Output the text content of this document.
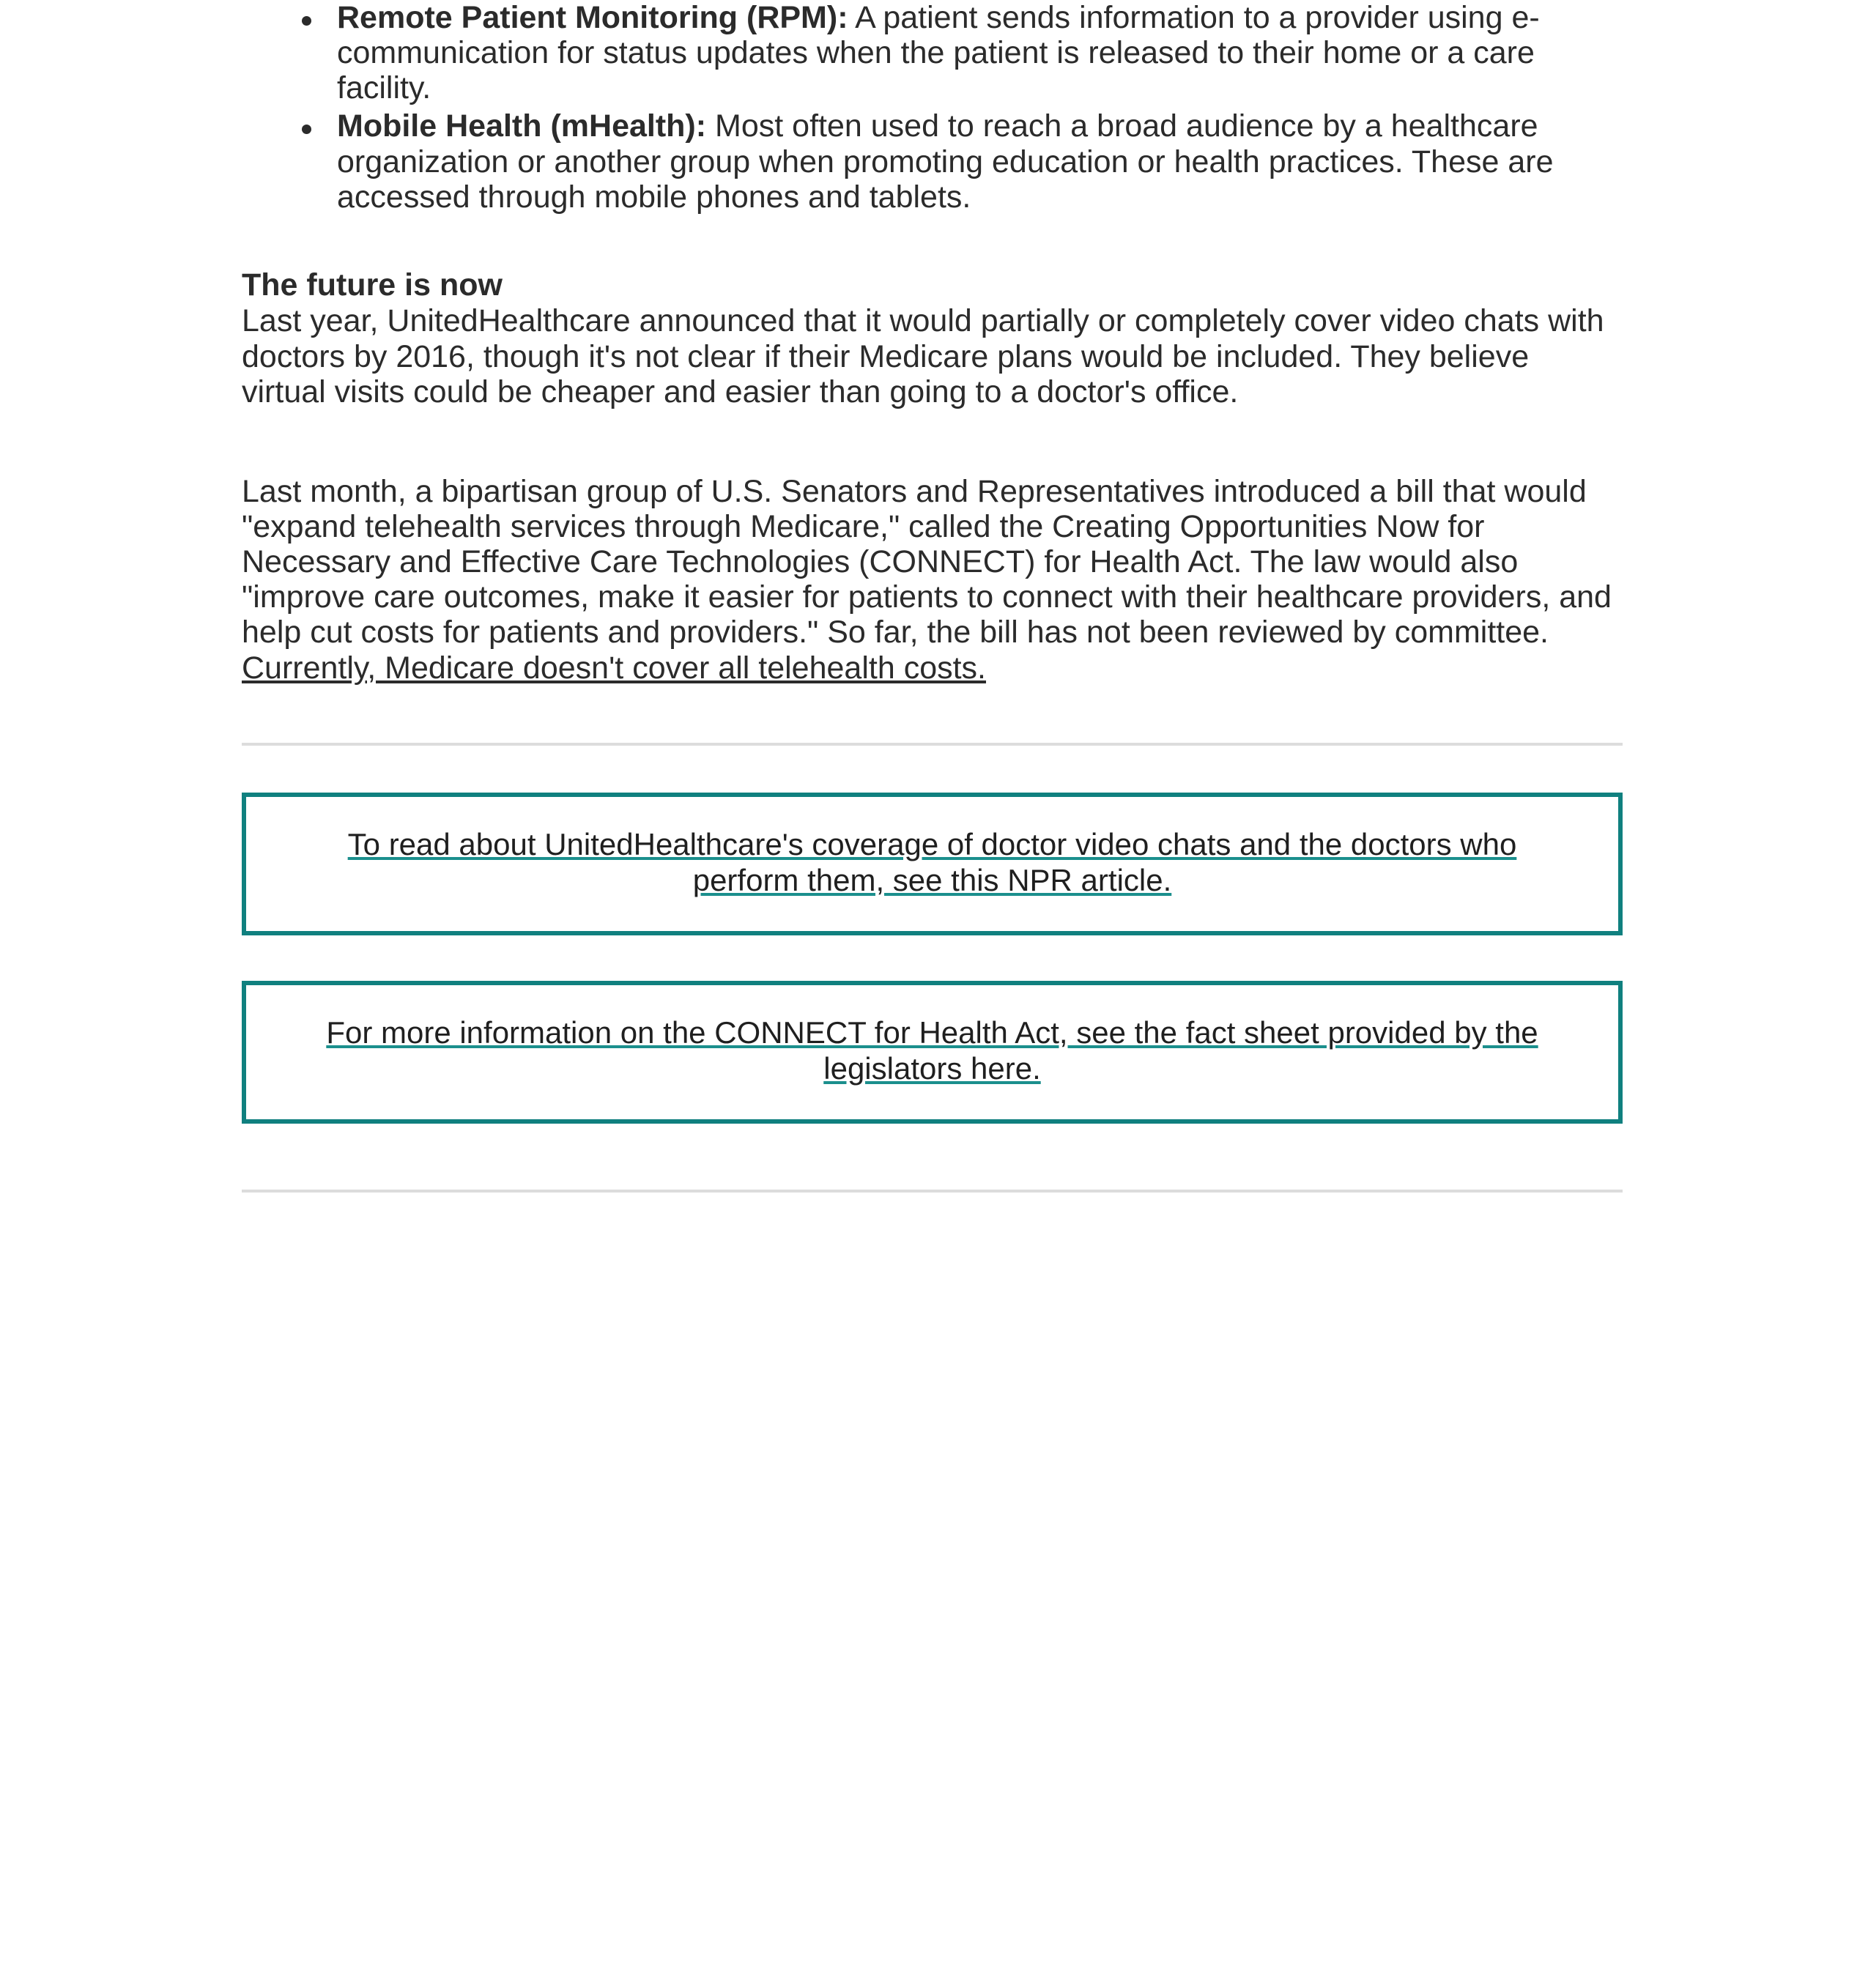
Remote Patient Monitoring (RPM): A patient sends information to a provider using e-communication for status updates when the patient is released to their home or a care facility.
Mobile Health (mHealth): Most often used to reach a broad audience by a healthcare organization or another group when promoting education or health practices. These are accessed through mobile phones and tablets.
The future is now

Last year, UnitedHealthcare announced that it would partially or completely cover video chats with doctors by 2016, though it's not clear if their Medicare plans would be included. They believe virtual visits could be cheaper and easier than going to a doctor's office.

Last month, a bipartisan group of U.S. Senators and Representatives introduced a bill that would "expand telehealth services through Medicare," called the Creating Opportunities Now for Necessary and Effective Care Technologies (CONNECT) for Health Act. The law would also "improve care outcomes, make it easier for patients to connect with their healthcare providers, and help cut costs for patients and providers." So far, the bill has not been reviewed by committee. Currently, Medicare doesn't cover all telehealth costs.

To read about UnitedHealthcare's coverage of doctor video chats and the doctors who perform them, see this NPR article.
For more information on the CONNECT for Health Act, see the fact sheet provided by the legislators here.
